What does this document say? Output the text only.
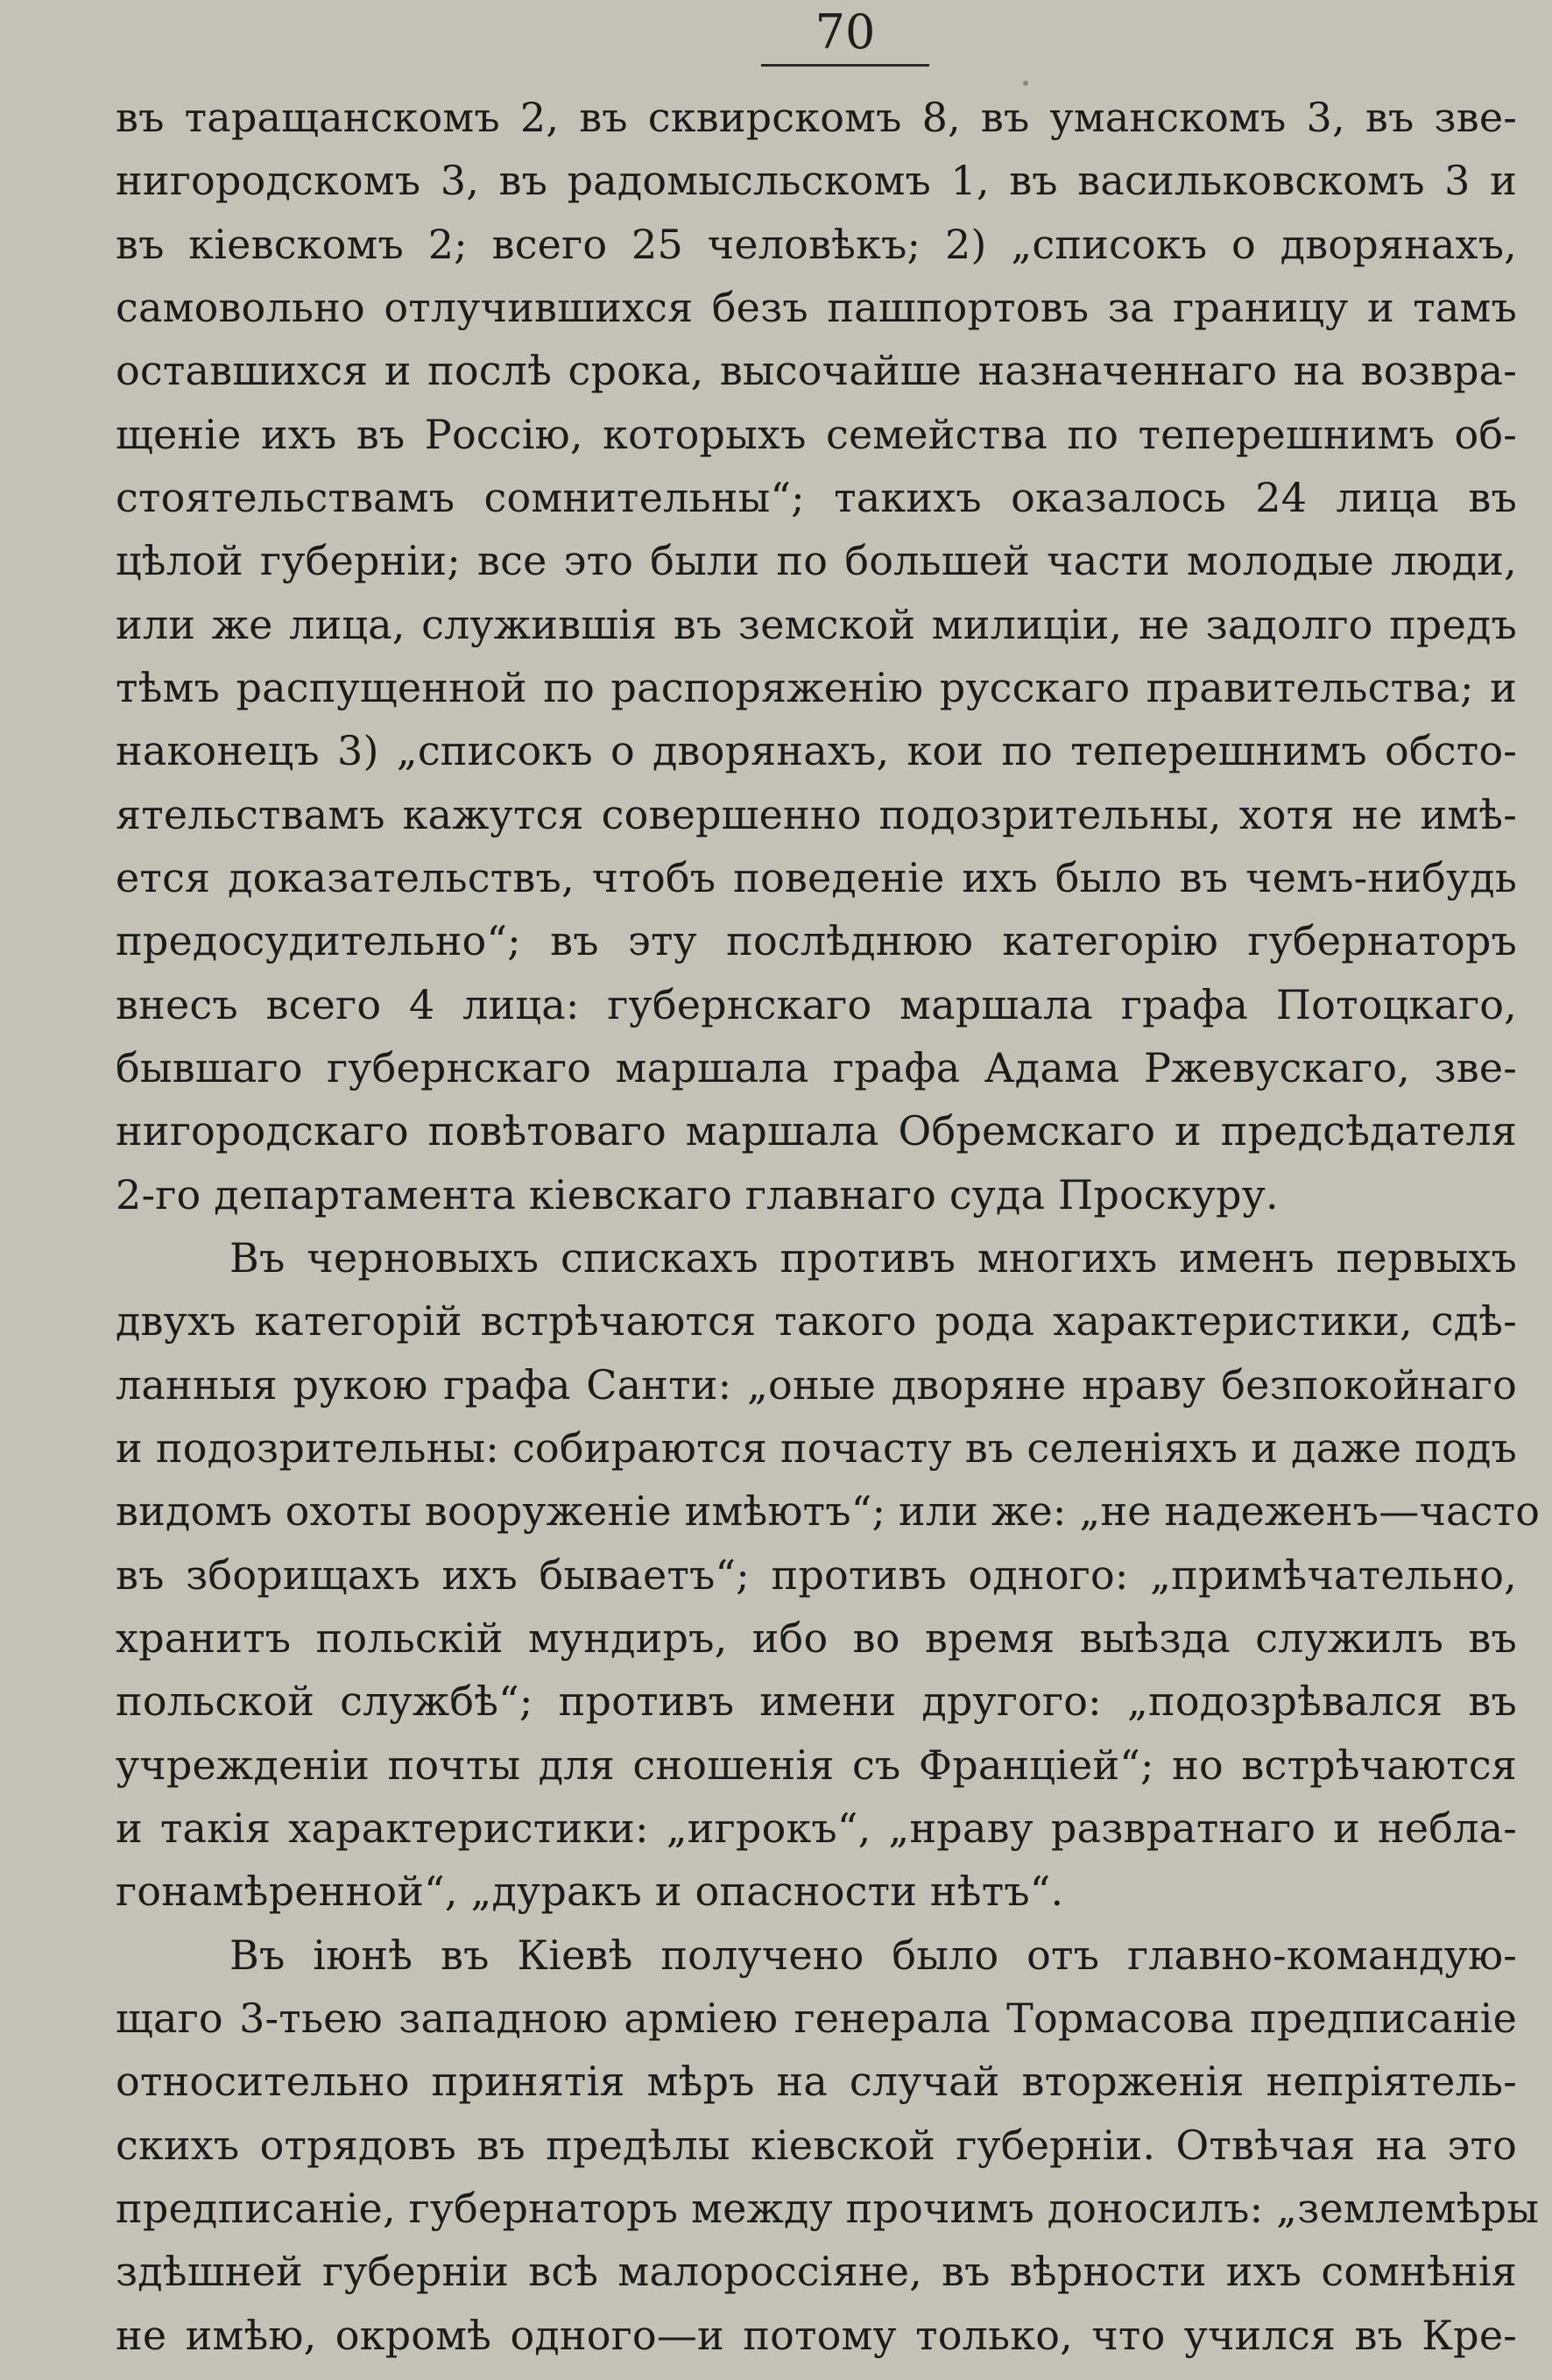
70
въ таращанскомъ 2, въ сквирскомъ 8, въ уманскомъ 3, въ зве-
нигородскомъ 3, въ радомысльскомъ 1, въ васильковскомъ 3 и
въ кіевскомъ 2; всего 25 человѣкъ; 2) „списокъ о дворянахъ,
самовольно отлучившихся безъ пашпортовъ за границу и тамъ
оставшихся и послѣ срока, высочайше назначеннаго на возвра-
щеніе ихъ въ Россію, которыхъ семейства по теперешнимъ об-
стоятельствамъ сомнительны“; такихъ оказалось 24 лица въ
цѣлой губерніи; все это были по большей части молодые люди,
или же лица, служившія въ земской милиціи, не задолго предъ
тѣмъ распущенной по распоряженію русскаго правительства; и
наконецъ 3) „списокъ о дворянахъ, кои по теперешнимъ обсто-
ятельствамъ кажутся совершенно подозрительны, хотя не имѣ-
ется доказательствъ, чтобъ поведеніе ихъ было въ чемъ-нибудь
предосудительно“; въ эту послѣднюю категорію губернаторъ
внесъ всего 4 лица: губернскаго маршала графа Потоцкаго,
бывшаго губернскаго маршала графа Адама Ржевускаго, зве-
нигородскаго повѣтоваго маршала Обремскаго и предсѣдателя
2-го департамента кіевскаго главнаго суда Проскуру.
Въ черновыхъ спискахъ противъ многихъ именъ первыхъ
двухъ категорій встрѣчаются такого рода характеристики, сдѣ-
ланныя рукою графа Санти: „оные дворяне нраву безпокойнаго
и подозрительны: собираются почасту въ селеніяхъ и даже подъ
видомъ охоты вооруженіе имѣютъ“; или же: „не надеженъ—часто
въ зборищахъ ихъ бываетъ“; противъ одного: „примѣчательно,
хранитъ польскій мундиръ, ибо во время выѣзда служилъ въ
польской службѣ“; противъ имени другого: „подозрѣвался въ
учрежденіи почты для сношенія съ Франціей“; но встрѣчаются
и такія характеристики: „игрокъ“, „нраву развратнаго и небла-
гонамѣренной“, „дуракъ и опасности нѣтъ“.
Въ іюнѣ въ Кіевѣ получено было отъ главно-командую-
щаго 3-тьею западною арміею генерала Тормасова предписаніе
относительно принятія мѣръ на случай вторженія непріятель-
скихъ отрядовъ въ предѣлы кіевской губерніи. Отвѣчая на это
предписаніе, губернаторъ между прочимъ доносилъ: „землемѣры
здѣшней губерніи всѣ малороссіяне, въ вѣрности ихъ сомнѣнія
не имѣю, окромѣ одного—и потому только, что учился въ Кре-
